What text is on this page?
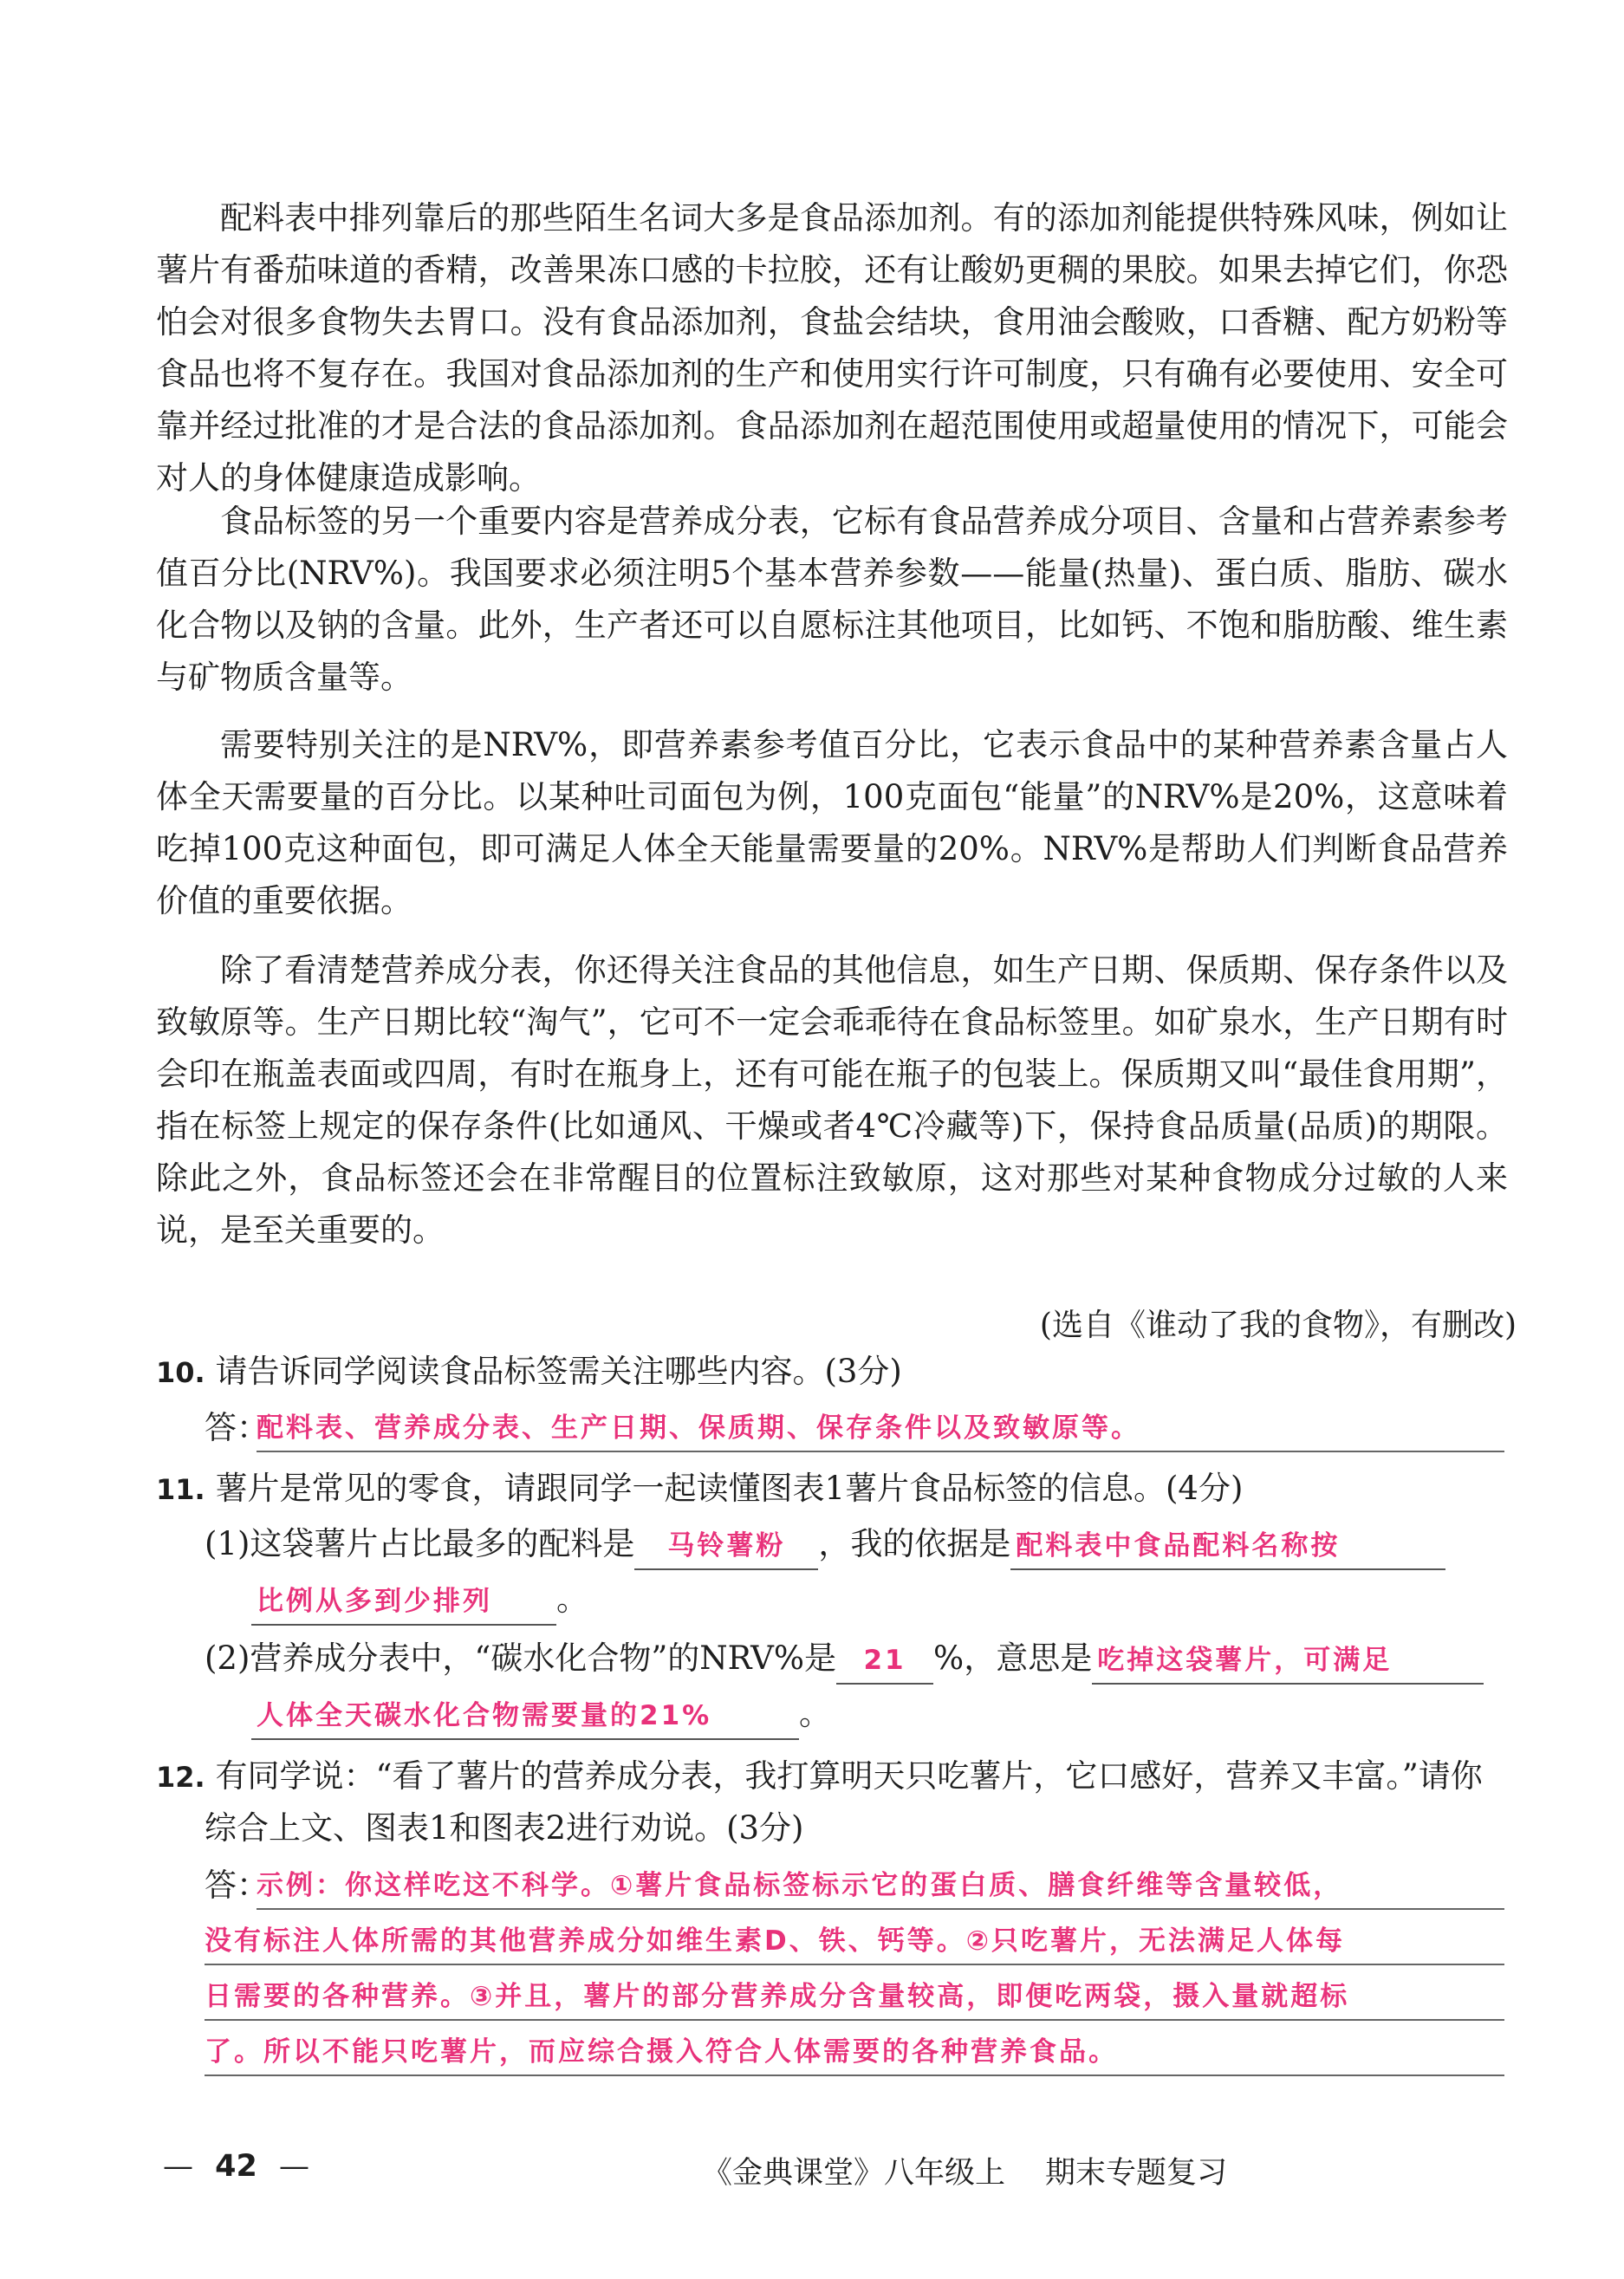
配料表中排列靠后的那些陌生名词大多是食品添加剂。有的添加剂能提供特殊风味，例如让薯片有番茄味道的香精，改善果冻口感的卡拉胶，还有让酸奶更稠的果胶。如果去掉它们，你恐怕会对很多食物失去胃口。没有食品添加剂，食盐会结块，食用油会酸败，口香糖、配方奶粉等食品也将不复存在。我国对食品添加剂的生产和使用实行许可制度，只有确有必要使用、安全可靠并经过批准的才是合法的食品添加剂。食品添加剂在超范围使用或超量使用的情况下，可能会对人的身体健康造成影响。

食品标签的另一个重要内容是营养成分表，它标有食品营养成分项目、含量和占营养素参考值百分比(NRV%)。我国要求必须注明5个基本营养参数——能量(热量)、蛋白质、脂肪、碳水化合物以及钠的含量。此外，生产者还可以自愿标注其他项目，比如钙、不饱和脂肪酸、维生素与矿物质含量等。

需要特别关注的是NRV%，即营养素参考值百分比，它表示食品中的某种营养素含量占人体全天需要量的百分比。以某种吐司面包为例，100克面包“能量”的NRV%是20%，这意味着吃掉100克这种面包，即可满足人体全天能量需要量的20%。NRV%是帮助人们判断食品营养价值的重要依据。

除了看清楚营养成分表，你还得关注食品的其他信息，如生产日期、保质期、保存条件以及致敏原等。生产日期比较“淘气”，它可不一定会乖乖待在食品标签里。如矿泉水，生产日期有时会印在瓶盖表面或四周，有时在瓶身上，还有可能在瓶子的包装上。保质期又叫“最佳食用期”，指在标签上规定的保存条件(比如通风、干燥或者4℃冷藏等)下，保持食品质量(品质)的期限。除此之外，食品标签还会在非常醒目的位置标注致敏原，这对那些对某种食物成分过敏的人来说，是至关重要的。

(选自《谁动了我的食物》，有删改)

10. 请告诉同学阅读食品标签需关注哪些内容。(3分)

答：
配料表、营养成分表、生产日期、保质期、保存条件以及致敏原等。

11. 薯片是常见的零食，请跟同学一起读懂图表1薯片食品标签的信息。(4分)

(1)这袋薯片占比最多的配料是 马铃薯粉 ，我的依据是 配料表中食品配料名称按
比例从多到少排列 。
(2)营养成分表中，“碳水化合物”的NRV%是 21 %，意思是 吃掉这袋薯片，可满足
人体全天碳水化合物需要量的21%	。

12. 有同学说：“看了薯片的营养成分表，我打算明天只吃薯片，它口感好，营养又丰富。”请你

综合上文、图表1和图表2进行劝说。(3分)

答：
示例：你这样吃这不科学。①薯片食品标签标示它的蛋白质、膳食纤维等含量较低，
没有标注人体所需的其他营养成分如维生素D、铁、钙等。②只吃薯片，无法满足人体每
日需要的各种营养。③并且，薯片的部分营养成分含量较高，即便吃两袋，摄入量就超标
了。所以不能只吃薯片，而应综合摄入符合人体需要的各种营养食品。
— 42 —	《金典课堂》八年级上 期末专题复习
